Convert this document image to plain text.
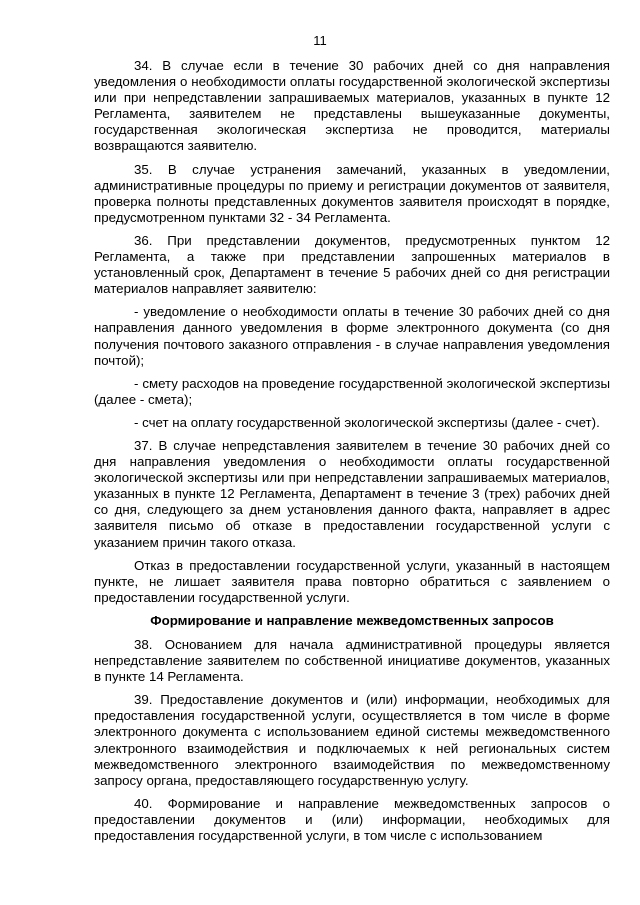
11

34. В случае если в течение 30 рабочих дней со дня направления уведомления о необходимости оплаты государственной экологической экспертизы или при непредставлении запрашиваемых материалов, указанных в пункте 12 Регламента, заявителем не представлены вышеуказанные документы, государственная экологическая экспертиза не проводится, материалы возвращаются заявителю.

35. В случае устранения замечаний, указанных в уведомлении, административные процедуры по приему и регистрации документов от заявителя, проверка полноты представленных документов заявителя происходят в порядке, предусмотренном пунктами 32 - 34 Регламента.

36. При представлении документов, предусмотренных пунктом 12 Регламента, а также при представлении запрошенных материалов в установленный срок, Департамент в течение 5 рабочих дней со дня регистрации материалов направляет заявителю:

- уведомление о необходимости оплаты в течение 30 рабочих дней со дня направления данного уведомления в форме электронного документа (со дня получения почтового заказного отправления - в случае направления уведомления почтой);

- смету расходов на проведение государственной экологической экспертизы (далее - смета);

- счет на оплату государственной экологической экспертизы (далее - счет).

37. В случае непредставления заявителем в течение 30 рабочих дней со дня направления уведомления о необходимости оплаты государственной экологической экспертизы или при непредставлении запрашиваемых материалов, указанных в пункте 12 Регламента, Департамент в течение 3 (трех) рабочих дней со дня, следующего за днем установления данного факта, направляет в адрес заявителя письмо об отказе в предоставлении государственной услуги с указанием причин такого отказа.

Отказ в предоставлении государственной услуги, указанный в настоящем пункте, не лишает заявителя права повторно обратиться с заявлением о предоставлении государственной услуги.

Формирование и направление межведомственных запросов

38. Основанием для начала административной процедуры является непредставление заявителем по собственной инициативе документов, указанных в пункте 14 Регламента.

39. Предоставление документов и (или) информации, необходимых для предоставления государственной услуги, осуществляется в том числе в форме электронного документа с использованием единой системы межведомственного электронного взаимодействия и подключаемых к ней региональных систем межведомственного электронного взаимодействия по межведомственному запросу органа, предоставляющего государственную услугу.

40. Формирование и направление межведомственных запросов о предоставлении документов и (или) информации, необходимых для предоставления государственной услуги, в том числе с использованием
